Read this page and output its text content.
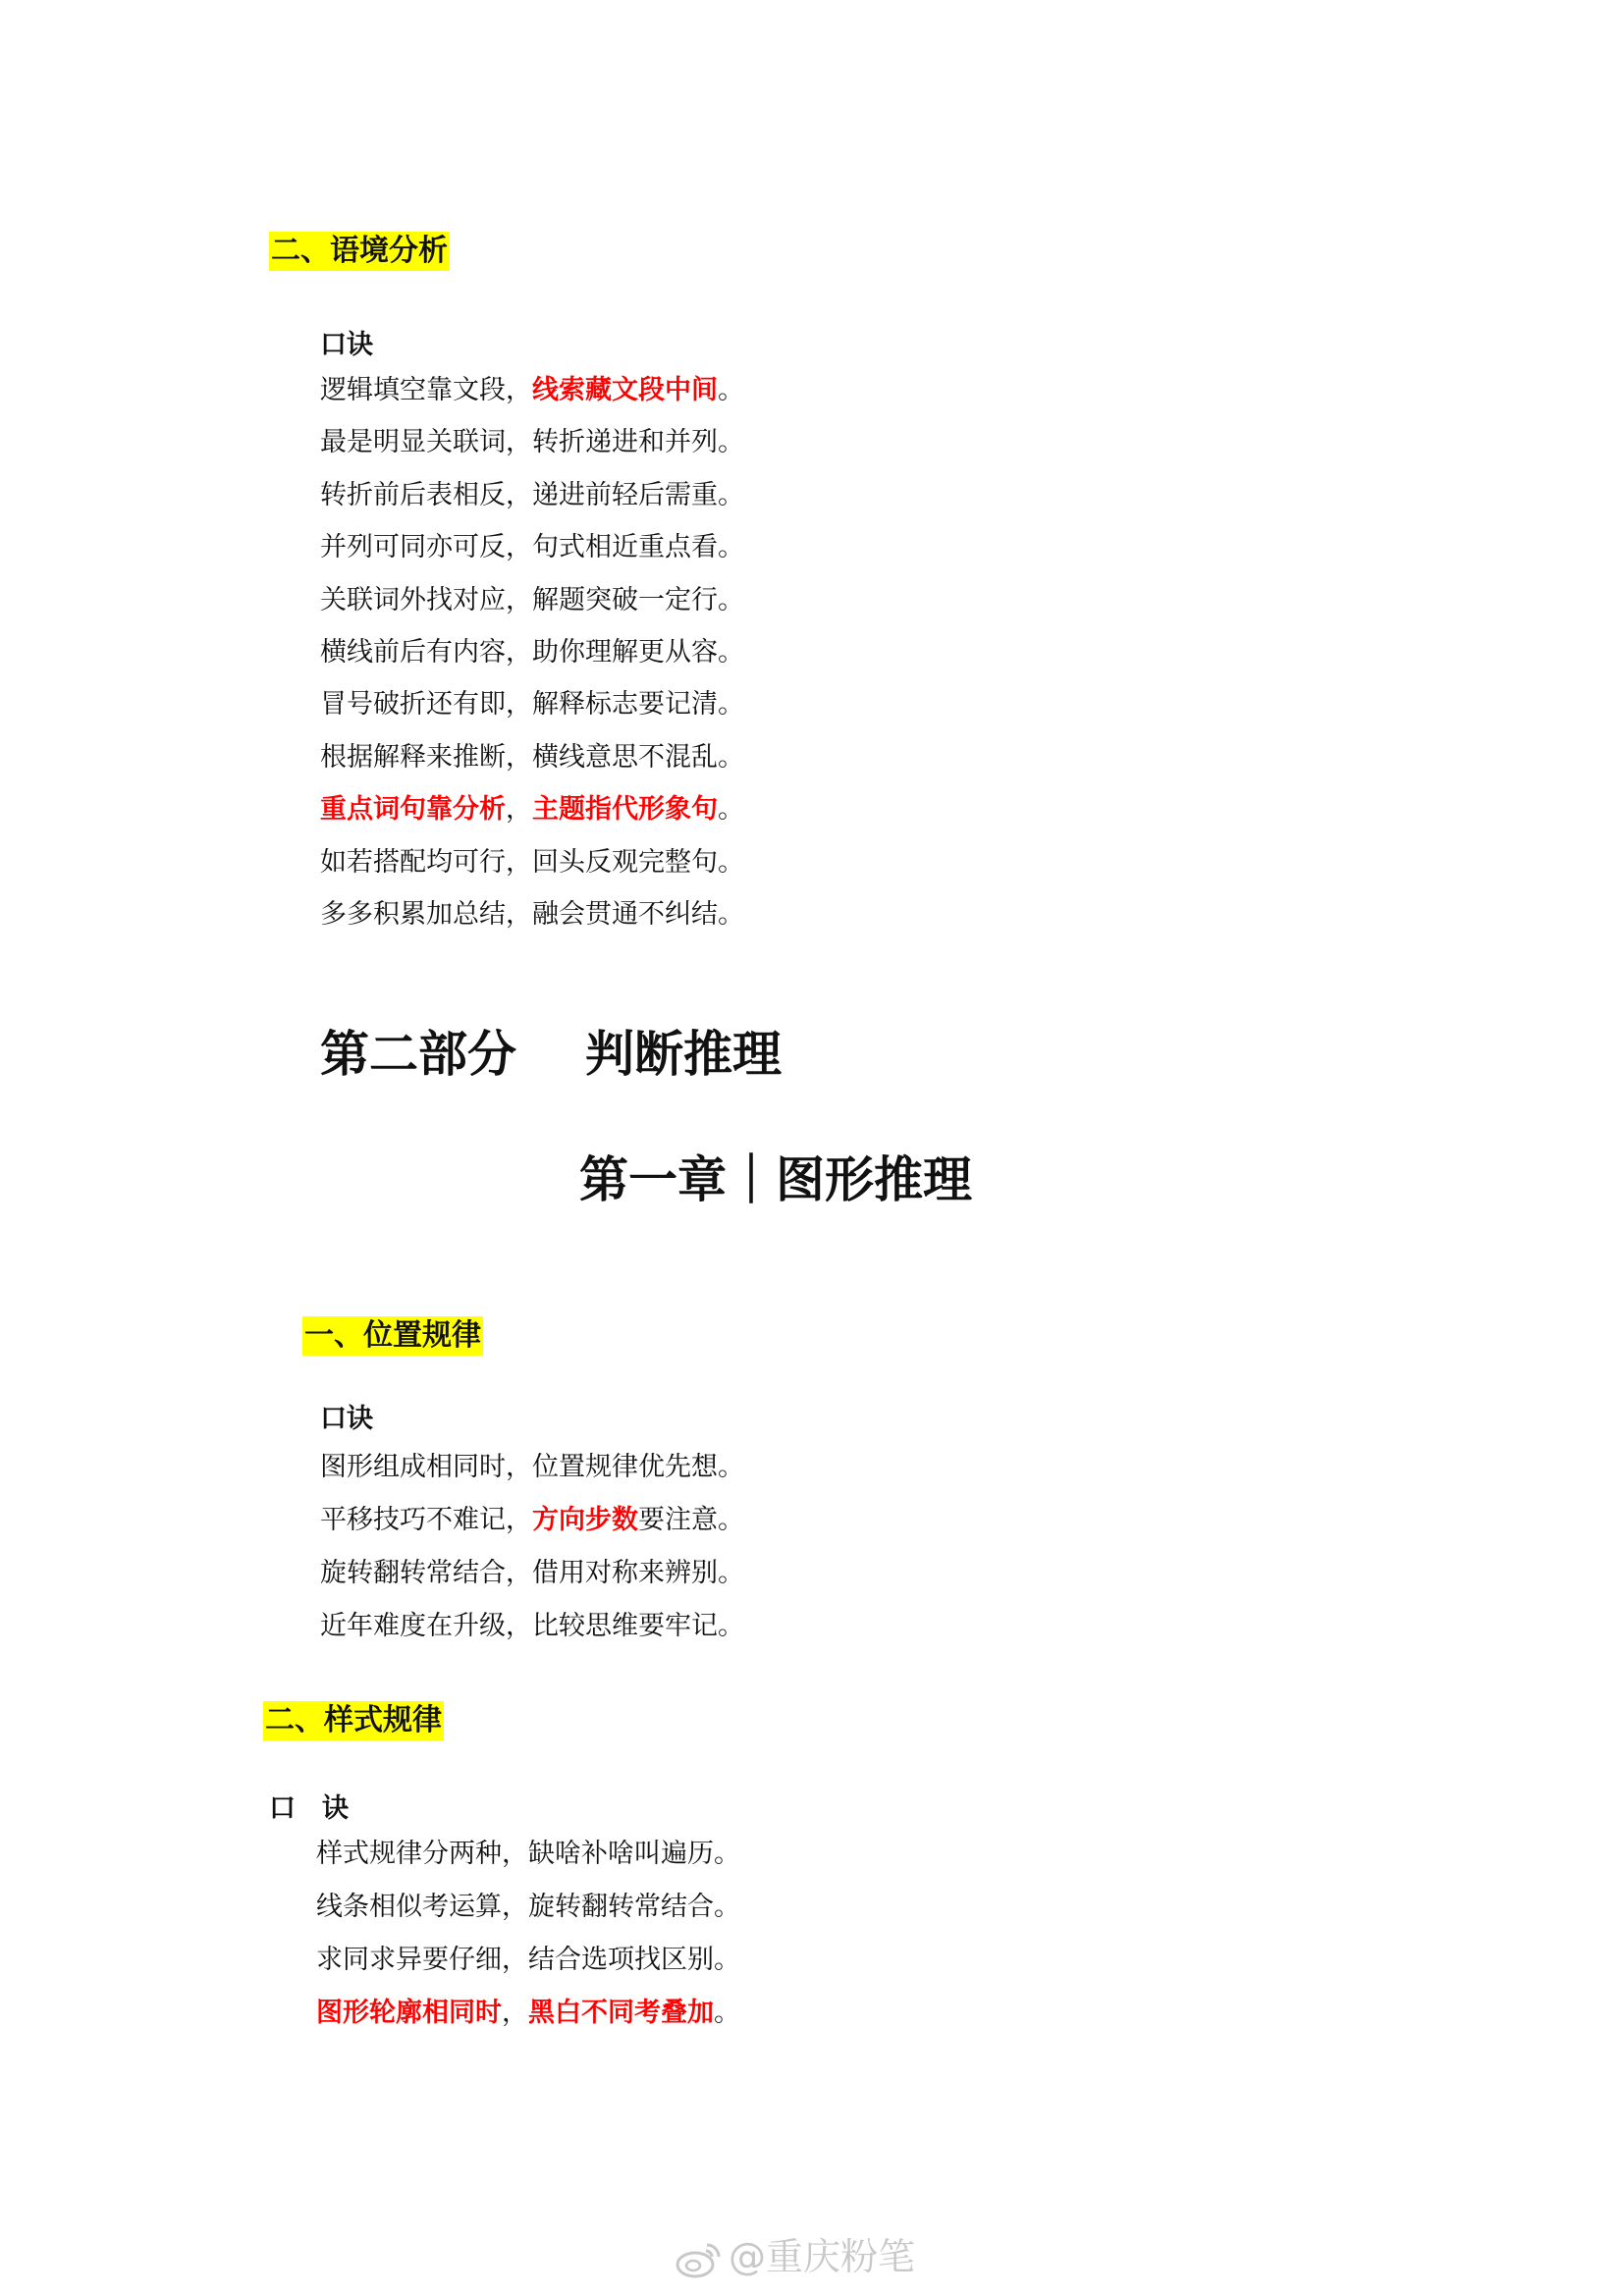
二、语境分析
口诀
逻辑填空靠文段，线索藏文段中间。
最是明显关联词，转折递进和并列。
转折前后表相反，递进前轻后需重。
并列可同亦可反，句式相近重点看。
关联词外找对应，解题突破一定行。
横线前后有内容，助你理解更从容。
冒号破折还有即，解释标志要记清。
根据解释来推断，横线意思不混乱。
重点词句靠分析，主题指代形象句。
如若搭配均可行，回头反观完整句。
多多积累加总结，融会贯通不纠结。
第二部分 判断推理
第一章｜图形推理
一、位置规律
口诀
图形组成相同时，位置规律优先想。
平移技巧不难记，方向步数要注意。
旋转翻转常结合，借用对称来辨别。
近年难度在升级，比较思维要牢记。
二、样式规律
口　诀
样式规律分两种，缺啥补啥叫遍历。
线条相似考运算，旋转翻转常结合。
求同求异要仔细，结合选项找区别。
图形轮廓相同时，黑白不同考叠加。
@重庆粉笔
